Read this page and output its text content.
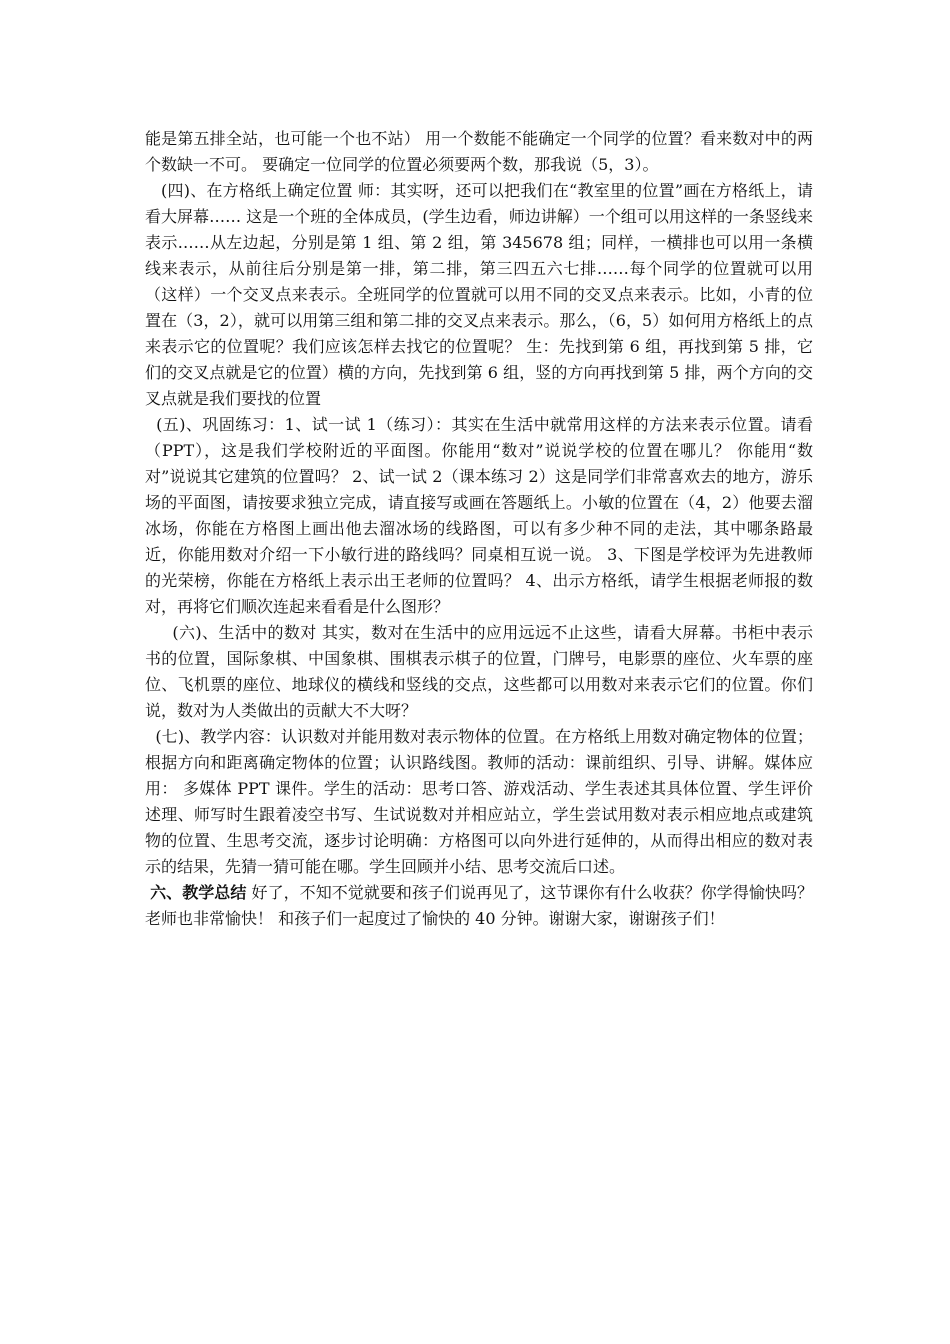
能是第五排全站，也可能一个也不站） 用一个数能不能确定一个同学的位置？看来数对中的两个数缺一不可。 要确定一位同学的位置必须要两个数，那我说（5，3）。

(四)、在方格纸上确定位置 师：其实呀，还可以把我们在“教室里的位置”画在方格纸上，请看大屏幕…… 这是一个班的全体成员，(学生边看，师边讲解）一个组可以用这样的一条竖线来表示……从左边起，分别是第 1 组、第 2 组，第 345678 组；同样，一横排也可以用一条横线来表示，从前往后分别是第一排，第二排，第三四五六七排……每个同学的位置就可以用（这样）一个交叉点来表示。全班同学的位置就可以用不同的交叉点来表示。比如，小青的位置在（3，2），就可以用第三组和第二排的交叉点来表示。那么，（6，5）如何用方格纸上的点来表示它的位置呢？我们应该怎样去找它的位置呢？ 生：先找到第 6 组，再找到第 5 排，它们的交叉点就是它的位置）横的方向，先找到第 6 组，竖的方向再找到第 5 排，两个方向的交叉点就是我们要找的位置

(五)、巩固练习：1、试一试 1（练习）：其实在生活中就常用这样的方法来表示位置。请看（PPT），这是我们学校附近的平面图。你能用“数对”说说学校的位置在哪儿？ 你能用“数对”说说其它建筑的位置吗？ 2、试一试 2（课本练习 2）这是同学们非常喜欢去的地方，游乐场的平面图，请按要求独立完成，请直接写或画在答题纸上。小敏的位置在（4，2）他要去溜冰场，你能在方格图上画出他去溜冰场的线路图，可以有多少种不同的走法，其中哪条路最近，你能用数对介绍一下小敏行进的路线吗？同桌相互说一说。 3、下图是学校评为先进教师的光荣榜，你能在方格纸上表示出王老师的位置吗？ 4、出示方格纸，请学生根据老师报的数对，再将它们顺次连起来看看是什么图形？

(六)、生活中的数对 其实，数对在生活中的应用远远不止这些，请看大屏幕。书柜中表示 书的位置，国际象棋、中国象棋、围棋表示棋子的位置，门牌号，电影票的座位、火车票的座位、飞机票的座位、地球仪的横线和竖线的交点，这些都可以用数对来表示它们的位置。你们说，数对为人类做出的贡献大不大呀？

(七)、教学内容：认识数对并能用数对表示物体的位置。在方格纸上用数对确定物体的位置；根据方向和距离确定物体的位置；认识路线图。教师的活动：课前组织、引导、讲解。媒体应用： 多媒体 PPT 课件。学生的活动：思考口答、游戏活动、学生表述其具体位置、学生评价述理、师写时生跟着凌空书写、生试说数对并相应站立，学生尝试用数对表示相应地点或建筑物的位置、生思考交流，逐步讨论明确：方格图可以向外进行延伸的，从而得出相应的数对表示的结果，先猜一猜可能在哪。学生回顾并小结、思考交流后口述。

六、教学总结 好了，不知不觉就要和孩子们说再见了，这节课你有什么收获？你学得愉快吗？老师也非常愉快！ 和孩子们一起度过了愉快的 40 分钟。谢谢大家，谢谢孩子们！
